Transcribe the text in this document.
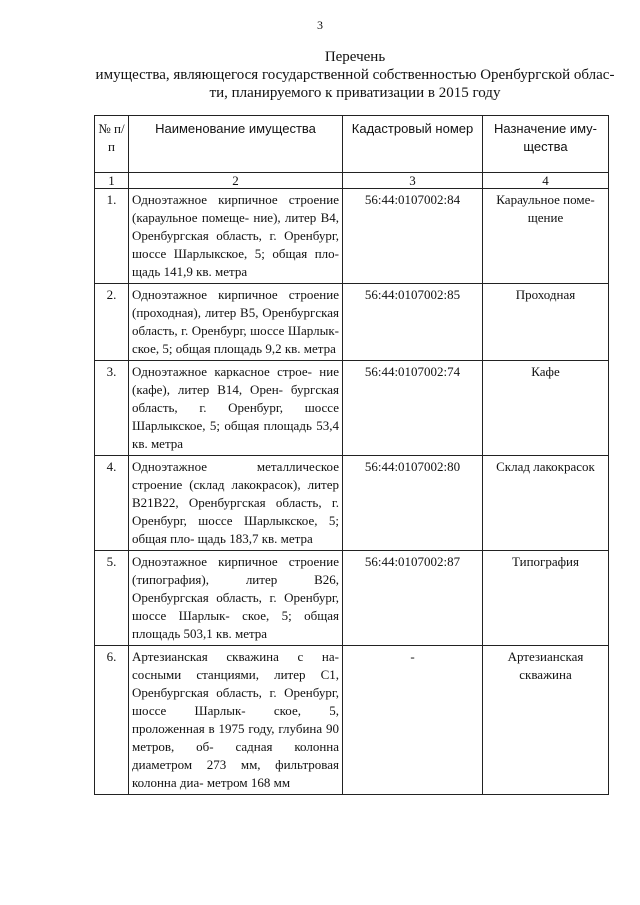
3
Перечень
имущества, являющегося государственной собственностью Оренбургской облас-
ти, планируемого к приватизации в 2015 году
№ п/п	Наименование имущества	Кадастровый номер	Назначение иму- щества
1	2	3	4
1.	Одноэтажное кирпичное строение (караульное помеще- ние), литер В4, Оренбургская область, г. Оренбург, шоссе Шарлыкское, 5; общая пло- щадь 141,9 кв. метра	56:44:0107002:84	Караульное поме- щение
2.	Одноэтажное кирпичное строение (проходная), литер В5, Оренбургская область, г. Оренбург, шоссе Шарлык- ское, 5; общая площадь 9,2 кв. метра	56:44:0107002:85	Проходная
3.	Одноэтажное каркасное строе- ние (кафе), литер В14, Орен- бургская область, г. Оренбург, шоссе Шарлыкское, 5; общая площадь 53,4 кв. метра	56:44:0107002:74	Кафе
4.	Одноэтажное металлическое строение (склад лакокрасок), литер В21В22, Оренбургская область, г. Оренбург, шоссе Шарлыкское, 5; общая пло- щадь 183,7 кв. метра	56:44:0107002:80	Склад лакокрасок
5.	Одноэтажное кирпичное строение (типография), литер В26, Оренбургская область, г. Оренбург, шоссе Шарлык- ское, 5; общая площадь 503,1 кв. метра	56:44:0107002:87	Типография
6.	Артезианская скважина с на- сосными станциями, литер С1, Оренбургская область, г. Оренбург, шоссе Шарлык- ское, 5, проложенная в 1975 году, глубина 90 метров, об- садная колонна диаметром 273 мм, фильтровая колонна диа- метром 168 мм	-	Артезианская скважина
